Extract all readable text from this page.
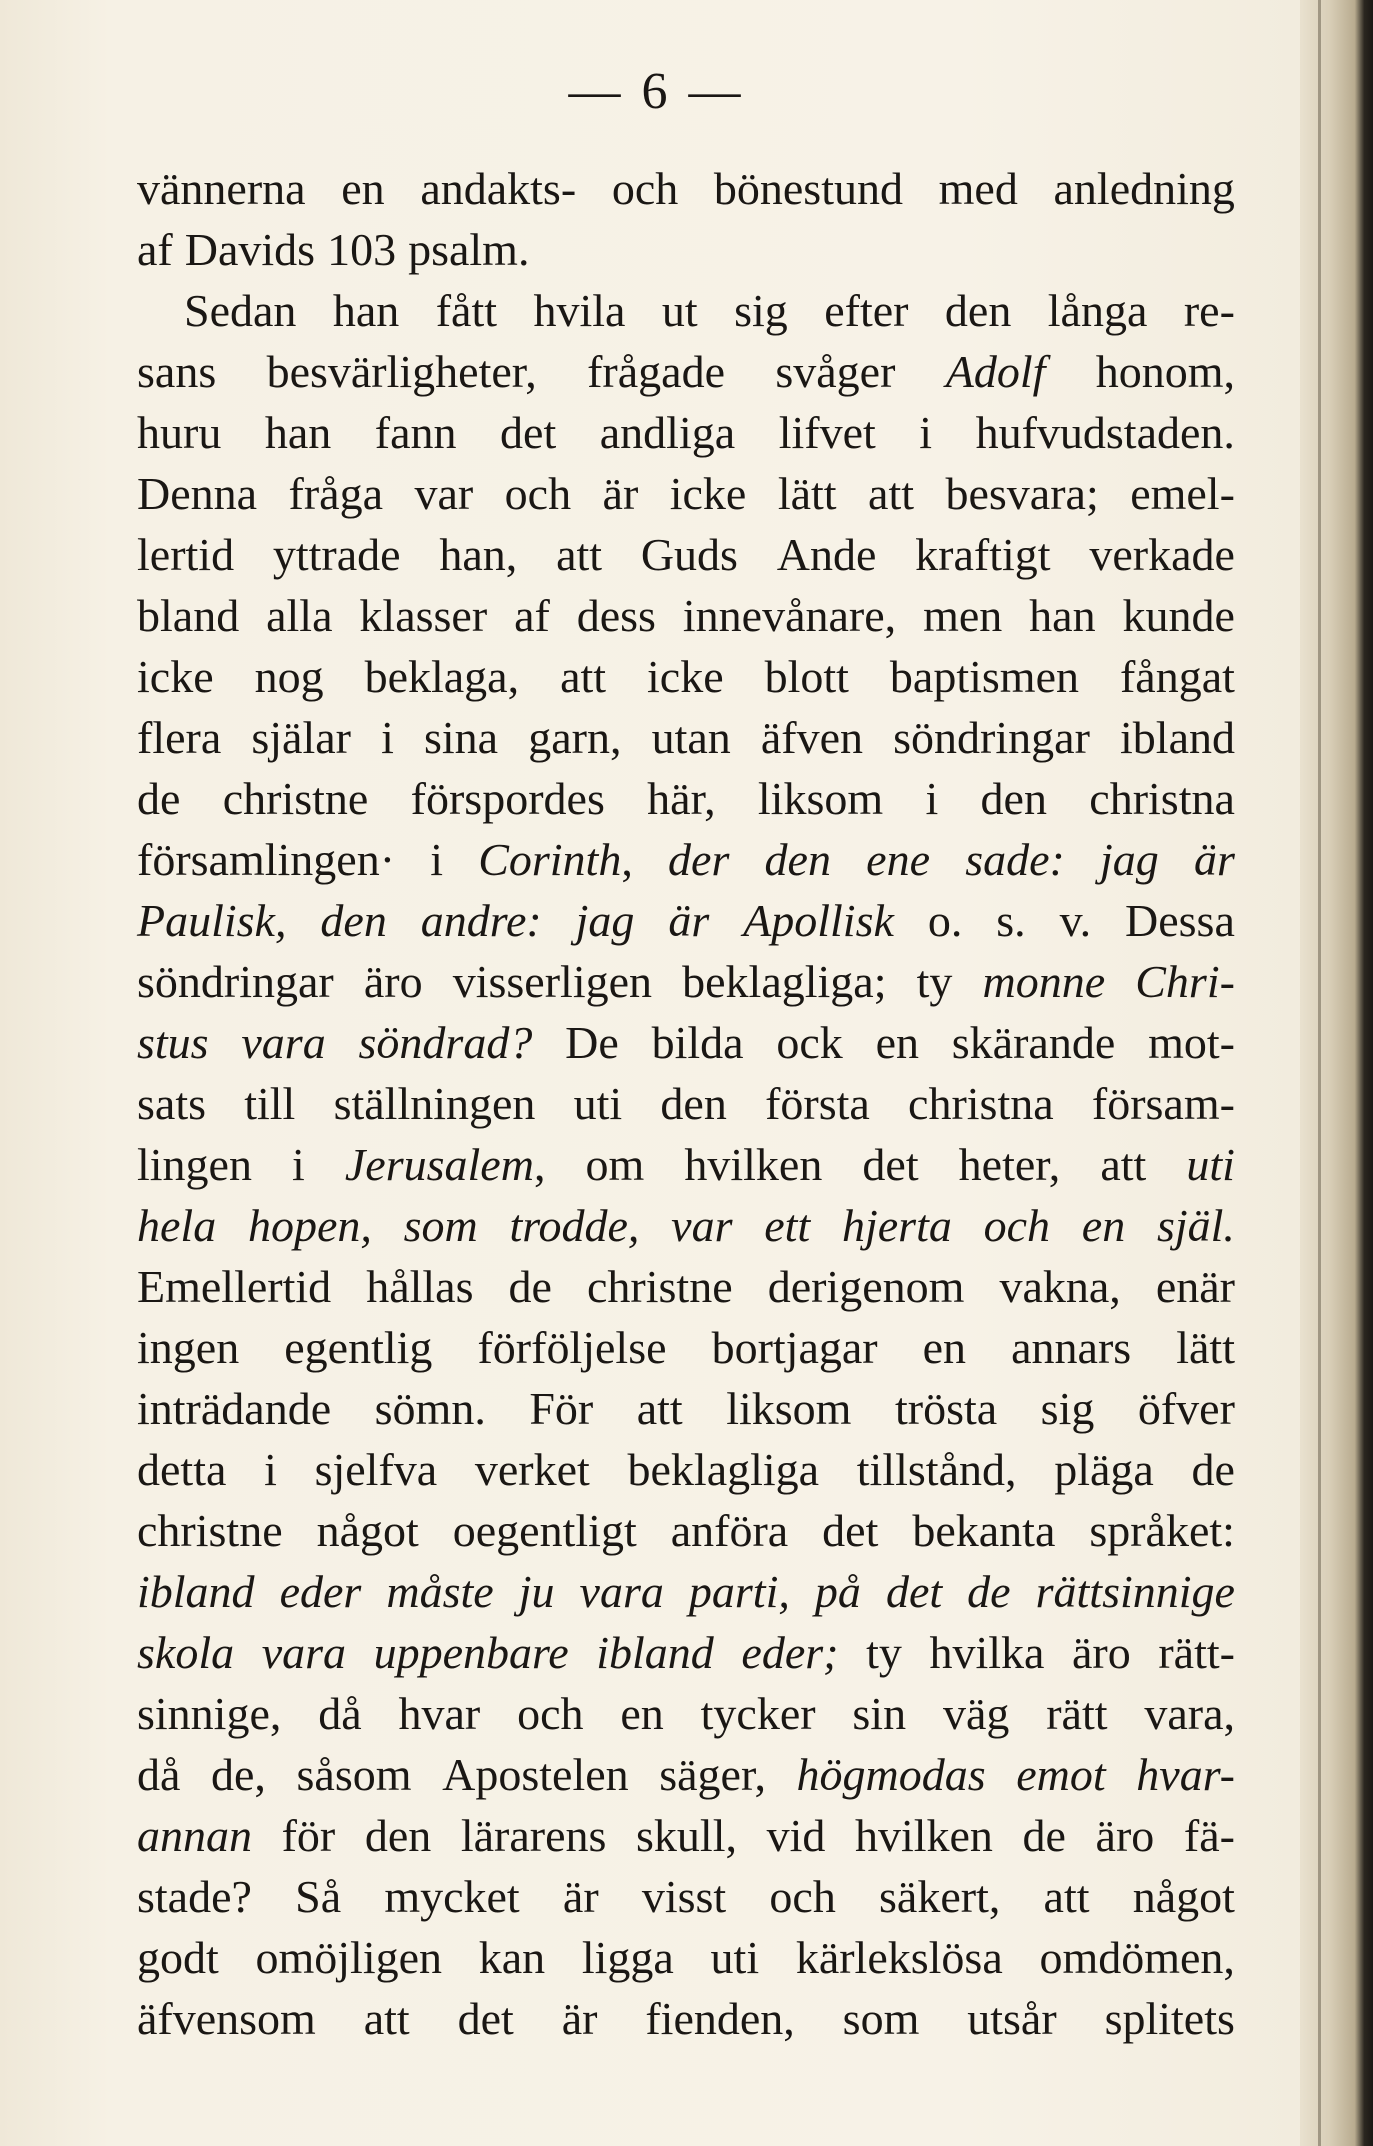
— 6 —
vännerna en andakts- och bönestund med anledning
af Davids 103 psalm.
Sedan han fått hvila ut sig efter den långa re-
sans besvärligheter, frågade svåger Adolf honom,
huru han fann det andliga lifvet i hufvudstaden.
Denna fråga var och är icke lätt att besvara; emel-
lertid yttrade han, att Guds Ande kraftigt verkade
bland alla klasser af dess innevånare, men han kunde
icke nog beklaga, att icke blott baptismen fångat
flera själar i sina garn, utan äfven söndringar ibland
de christne förspordes här, liksom i den christna
församlingen· i Corinth, der den ene sade: jag är
Paulisk, den andre: jag är Apollisk o. s. v. Dessa
söndringar äro visserligen beklagliga; ty monne Chri-
stus vara söndrad? De bilda ock en skärande mot-
sats till ställningen uti den första christna försam-
lingen i Jerusalem, om hvilken det heter, att uti
hela hopen, som trodde, var ett hjerta och en själ.
Emellertid hållas de christne derigenom vakna, enär
ingen egentlig förföljelse bortjagar en annars lätt
inträdande sömn. För att liksom trösta sig öfver
detta i sjelfva verket beklagliga tillstånd, pläga de
christne något oegentligt anföra det bekanta språket:
ibland eder måste ju vara parti, på det de rättsinnige
skola vara uppenbare ibland eder; ty hvilka äro rätt-
sinnige, då hvar och en tycker sin väg rätt vara,
då de, såsom Apostelen säger, högmodas emot hvar-
annan för den lärarens skull, vid hvilken de äro fä-
stade? Så mycket är visst och säkert, att något
godt omöjligen kan ligga uti kärlekslösa omdömen,
äfvensom att det är fienden, som utsår splitets
